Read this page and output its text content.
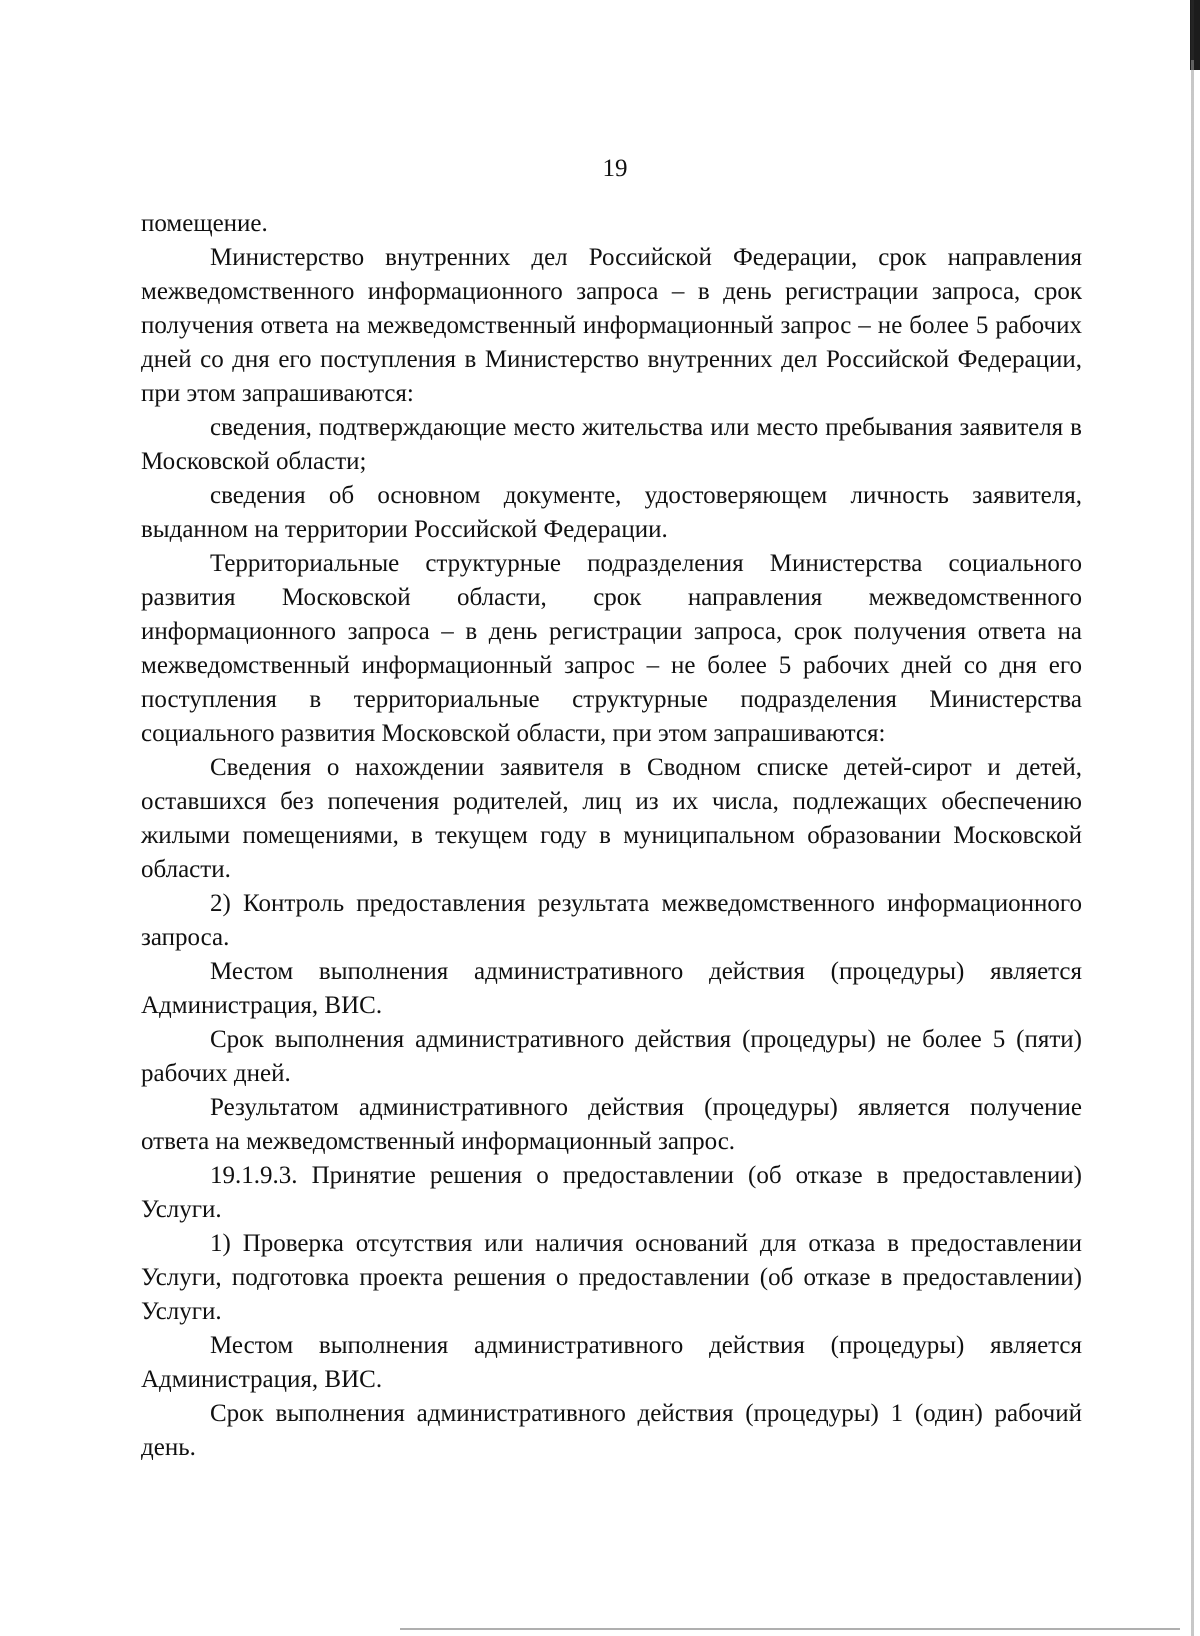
19

помещение.

Министерство внутренних дел Российской Федерации, срок направления межведомственного информационного запроса – в день регистрации запроса, срок получения ответа на межведомственный информационный запрос – не более 5 рабочих дней со дня его поступления в Министерство внутренних дел Российской Федерации, при этом запрашиваются:

сведения, подтверждающие место жительства или место пребывания заявителя в Московской области;

сведения об основном документе, удостоверяющем личность заявителя, выданном на территории Российской Федерации.

Территориальные структурные подразделения Министерства социального развития Московской области, срок направления межведомственного информационного запроса – в день регистрации запроса, срок получения ответа на межведомственный информационный запрос – не более 5 рабочих дней со дня его поступления в территориальные структурные подразделения Министерства социального развития Московской области, при этом запрашиваются:

Сведения о нахождении заявителя в Сводном списке детей-сирот и детей, оставшихся без попечения родителей, лиц из их числа, подлежащих обеспечению жилыми помещениями, в текущем году в муниципальном образовании Московской области.

2) Контроль предоставления результата межведомственного информационного запроса.

Местом выполнения административного действия (процедуры) является Администрация, ВИС.

Срок выполнения административного действия (процедуры) не более 5 (пяти) рабочих дней.

Результатом административного действия (процедуры) является получение ответа на межведомственный информационный запрос.

19.1.9.3. Принятие решения о предоставлении (об отказе в предоставлении) Услуги.

1) Проверка отсутствия или наличия оснований для отказа в предоставлении Услуги, подготовка проекта решения о предоставлении (об отказе в предоставлении) Услуги.

Местом выполнения административного действия (процедуры) является Администрация, ВИС.

Срок выполнения административного действия (процедуры) 1 (один) рабочий день.
